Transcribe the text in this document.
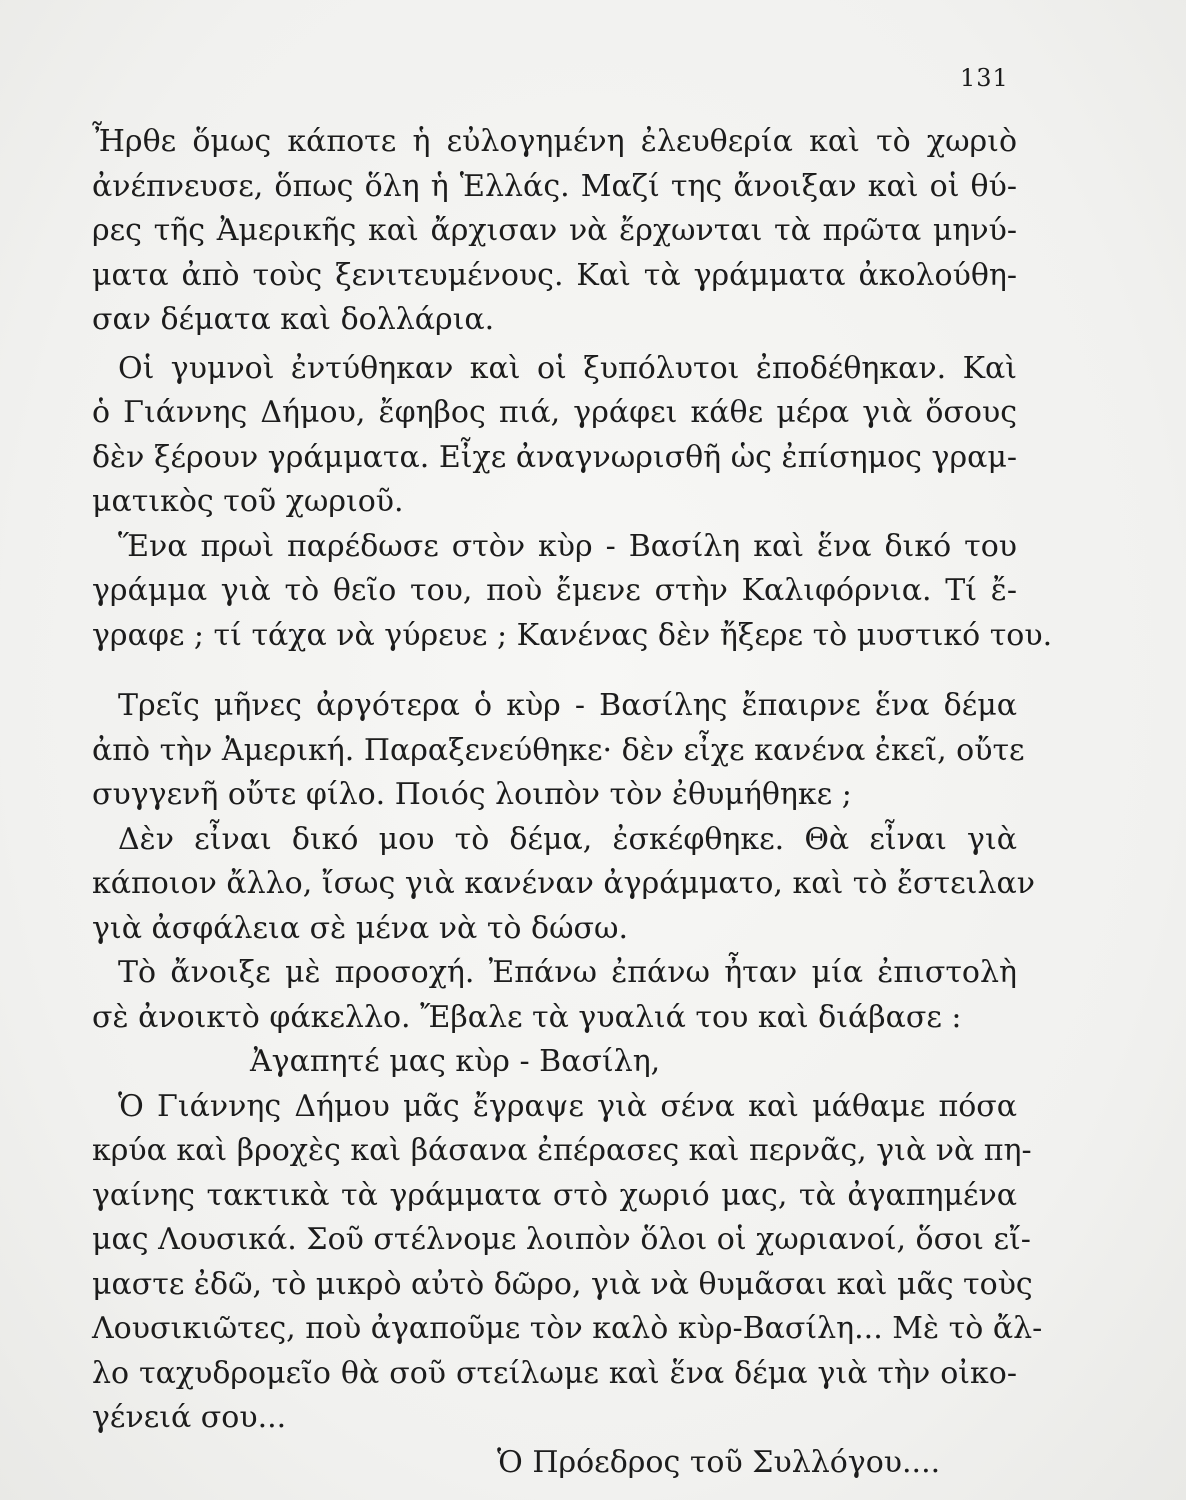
131
Ἦρθε ὅμως κάποτε ἡ εὐλογημένη ἐλευθερία καὶ τὸ χωριὸ
ἀνέπνευσε, ὅπως ὅλη ἡ Ἑλλάς. Μαζί της ἄνοιξαν καὶ οἱ θύ-
ρες τῆς Ἀμερικῆς καὶ ἄρχισαν νὰ ἔρχωνται τὰ πρῶτα μηνύ-
ματα ἀπὸ τοὺς ξενιτευμένους. Καὶ τὰ γράμματα ἀκολούθη-
σαν δέματα καὶ δολλάρια.
Οἱ γυμνοὶ ἐντύθηκαν καὶ οἱ ξυπόλυτοι ἐποδέθηκαν. Καὶ
ὁ Γιάννης Δήμου, ἔφηβος πιά, γράφει κάθε μέρα γιὰ ὅσους
δὲν ξέρουν γράμματα. Εἶχε ἀναγνωρισθῆ ὡς ἐπίσημος γραμ-
ματικὸς τοῦ χωριοῦ.
Ἕνα πρωὶ παρέδωσε στὸν κὺρ - Βασίλη καὶ ἕνα δικό του
γράμμα γιὰ τὸ θεῖο του, ποὺ ἔμενε στὴν Καλιφόρνια. Τί ἔ-
γραφε ; τί τάχα νὰ γύρευε ; Κανένας δὲν ἤξερε τὸ μυστικό του.
Τρεῖς μῆνες ἀργότερα ὁ κὺρ - Βασίλης ἔπαιρνε ἕνα δέμα
ἀπὸ τὴν Ἀμερική. Παραξενεύθηκε· δὲν εἶχε κανένα ἐκεῖ, οὔτε
συγγενῆ οὔτε φίλο. Ποιός λοιπὸν τὸν ἐθυμήθηκε ;
Δὲν εἶναι δικό μου τὸ δέμα, ἐσκέφθηκε. Θὰ εἶναι γιὰ
κάποιον ἄλλο, ἴσως γιὰ κανέναν ἀγράμματο, καὶ τὸ ἔστειλαν
γιὰ ἀσφάλεια σὲ μένα νὰ τὸ δώσω.
Τὸ ἄνοιξε μὲ προσοχή. Ἐπάνω ἐπάνω ἦταν μία ἐπιστολὴ
σὲ ἀνοικτὸ φάκελλο. Ἔβαλε τὰ γυαλιά του καὶ διάβασε :
Ἀγαπητέ μας κὺρ - Βασίλη,
Ὁ Γιάννης Δήμου μᾶς ἔγραψε γιὰ σένα καὶ μάθαμε πόσα
κρύα καὶ βροχὲς καὶ βάσανα ἐπέρασες καὶ περνᾶς, γιὰ νὰ πη-
γαίνης τακτικὰ τὰ γράμματα στὸ χωριό μας, τὰ ἀγαπημένα
μας Λουσικά. Σοῦ στέλνομε λοιπὸν ὅλοι οἱ χωριανοί, ὅσοι εἴ-
μαστε ἐδῶ, τὸ μικρὸ αὐτὸ δῶρο, γιὰ νὰ θυμᾶσαι καὶ μᾶς τοὺς
Λουσικιῶτες, ποὺ ἀγαποῦμε τὸν καλὸ κὺρ-Βασίλη... Μὲ τὸ ἄλ-
λο ταχυδρομεῖο θὰ σοῦ στείλωμε καὶ ἕνα δέμα γιὰ τὴν οἰκο-
γένειά σου...
Ὁ Πρόεδρος τοῦ Συλλόγου....
